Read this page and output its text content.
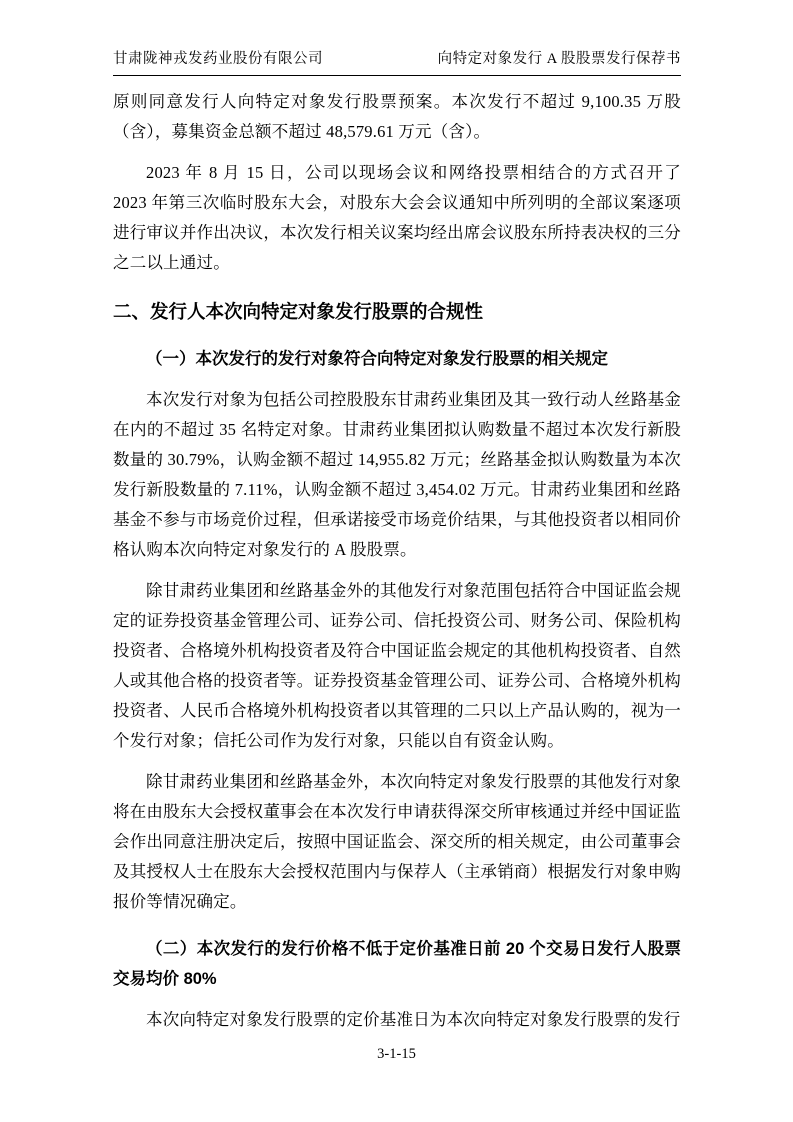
甘肃陇神戎发药业股份有限公司	向特定对象发行 A 股股票发行保荐书

原则同意发行人向特定对象发行股票预案。本次发行不超过 9,100.35 万股（含），募集资金总额不超过 48,579.61 万元（含）。

2023 年 8 月 15 日，公司以现场会议和网络投票相结合的方式召开了 2023 年第三次临时股东大会，对股东大会会议通知中所列明的全部议案逐项进行审议并作出决议，本次发行相关议案均经出席会议股东所持表决权的三分之二以上通过。

二、发行人本次向特定对象发行股票的合规性
（一）本次发行的发行对象符合向特定对象发行股票的相关规定

本次发行对象为包括公司控股股东甘肃药业集团及其一致行动人丝路基金在内的不超过 35 名特定对象。甘肃药业集团拟认购数量不超过本次发行新股数量的 30.79%，认购金额不超过 14,955.82 万元；丝路基金拟认购数量为本次发行新股数量的 7.11%，认购金额不超过 3,454.02 万元。甘肃药业集团和丝路基金不参与市场竞价过程，但承诺接受市场竞价结果，与其他投资者以相同价格认购本次向特定对象发行的 A 股股票。

除甘肃药业集团和丝路基金外的其他发行对象范围包括符合中国证监会规定的证券投资基金管理公司、证券公司、信托投资公司、财务公司、保险机构投资者、合格境外机构投资者及符合中国证监会规定的其他机构投资者、自然人或其他合格的投资者等。证券投资基金管理公司、证券公司、合格境外机构投资者、人民币合格境外机构投资者以其管理的二只以上产品认购的，视为一个发行对象；信托公司作为发行对象，只能以自有资金认购。

除甘肃药业集团和丝路基金外，本次向特定对象发行股票的其他发行对象将在由股东大会授权董事会在本次发行申请获得深交所审核通过并经中国证监会作出同意注册决定后，按照中国证监会、深交所的相关规定，由公司董事会及其授权人士在股东大会授权范围内与保荐人（主承销商）根据发行对象申购报价等情况确定。

（二）本次发行的发行价格不低于定价基准日前 20 个交易日发行人股票交易均价 80%

本次向特定对象发行股票的定价基准日为本次向特定对象发行股票的发行

3-1-15
